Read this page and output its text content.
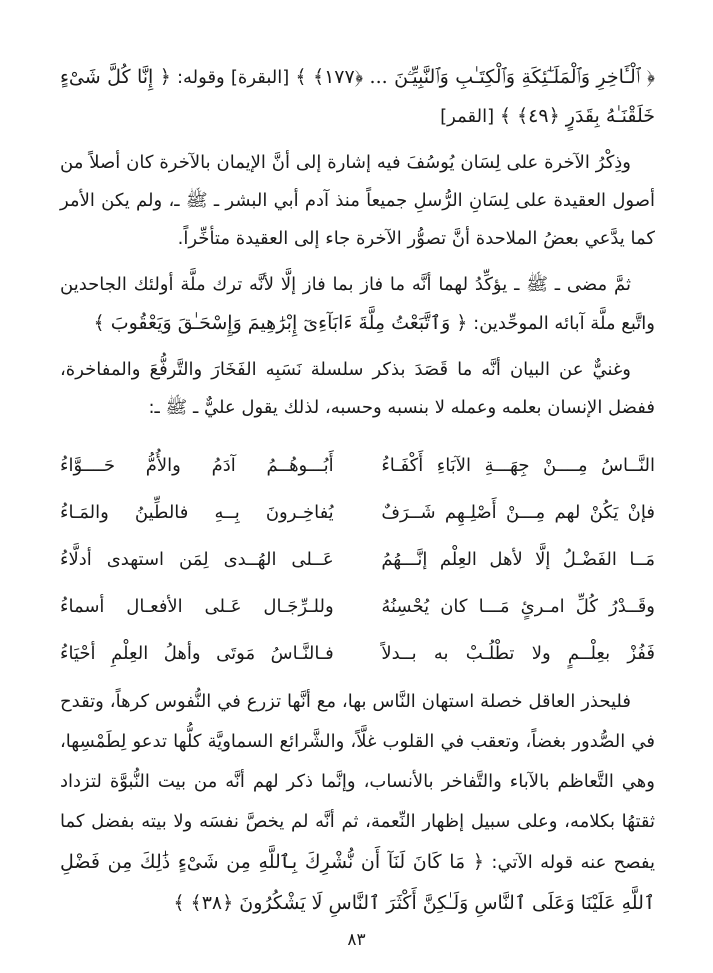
﴿ ٱلْـَٔاخِرِ وَٱلْمَلَـٰٓئِكَةِ وَٱلْكِتَـٰبِ وَٱلنَّبِيِّـۧنَ ... ﴿١٧٧﴾ ﴾ [البقرة] وقوله: ﴿ إِنَّا كُلَّ شَىْءٍ خَلَقْنَـٰهُ بِقَدَرٍ ﴿٤٩﴾ ﴾ [القمر]

وذِكْرُ الآخرة على لِسَان يُوسُفَ فيه إشارة إلى أنَّ الإيمان بالآخرة كان أصلاً من أصول العقيدة على لِسَانِ الرُّسلِ جميعاً منذ آدم أبي البشر ـ ﷺ ـ، ولم يكن الأمر كما يدَّعي بعضُ الملاحدة أنَّ تصوُّر الآخرة جاء إلى العقيدة متأخِّراً.

ثمَّ مضى ـ ﷺ ـ يؤكِّدُ لهما أنَّه ما فاز بما فاز إلَّا لأنَّه ترك ملَّة أولئك الجاحدين واتَّبع ملَّة آبائه الموحِّدين: ﴿ وَٱتَّبَعْتُ مِلَّةَ ءَابَآءِىٓ إِبْرَٰهِيمَ وَإِسْحَـٰقَ وَيَعْقُوبَ ﴾

وغنيٌّ عن البيان أنَّه ما قَصَدَ بذكر سلسلة نَسَبِه الفَخَارَ والتَّرفُّعَ والمفاخرة، ففضل الإنسان بعلمه وعمله لا بنسبه وحسبه، لذلك يقول عليٌّ ـ ﷺ ـ:

النَّــاسُ مِــــنْ جِهَـــةِ الآبَاءِ أَكْفَـاءُ
أَبُـــوهُــمُ آدَمُ والأُمُّ حَــــوَّاءُ
فإنْ يَكُنْ لهم مِـــنْ أَصْلِـهِم شَــرَفٌ
يُفاخِـرونَ بِــهِ فالطِّينُ والمَـاءُ
مَــا الفَضْـلُ إلَّا لأهل العِلْم إنَّـــهُمُ
عَــلى الهُــدى لِمَن استهدى أدلَّاءُ
وقَــدْرُ كُلِّ امـرئٍ مَـــا كان يُحْسِنُهُ
وللـرِّجَـال عَـلى الأفعـال أسماءُ
فَفُزْ بعِلْــمٍ ولا تطْلُـبْ به بــدلاً
فـالنَّـاسُ مَوتَى وأهلُ العِلْمِ أحْيَاءُ

فليحذر العاقل خصلة استهان النَّاس بها، مع أنَّها تزرع في النُّفوس كرهاً، وتقدح في الصُّدور بغضاً، وتعقب في القلوب غلَّاً، والشَّرائع السماويَّة كلُّها تدعو لِطَمْسِها، وهي التَّعاظم بالآباء والتَّفاخر بالأنساب، وإنَّما ذكر لهم أنَّه من بيت النُّبوَّة لتزداد ثقتهُا بكلامه، وعلى سبيل إظهار النِّعمة، ثم أنَّه لم يخصَّ نفسَه ولا بيته بفضل كما يفصح عنه قوله الآتي: ﴿ مَا كَانَ لَنَآ أَن نُّشْرِكَ بِٱللَّهِ مِن شَىْءٍ ذَٰلِكَ مِن فَضْلِ ٱللَّهِ عَلَيْنَا وَعَلَى ٱلنَّاسِ وَلَـٰكِنَّ أَكْثَرَ ٱلنَّاسِ لَا يَشْكُرُونَ ﴿٣٨﴾ ﴾

٨٣
